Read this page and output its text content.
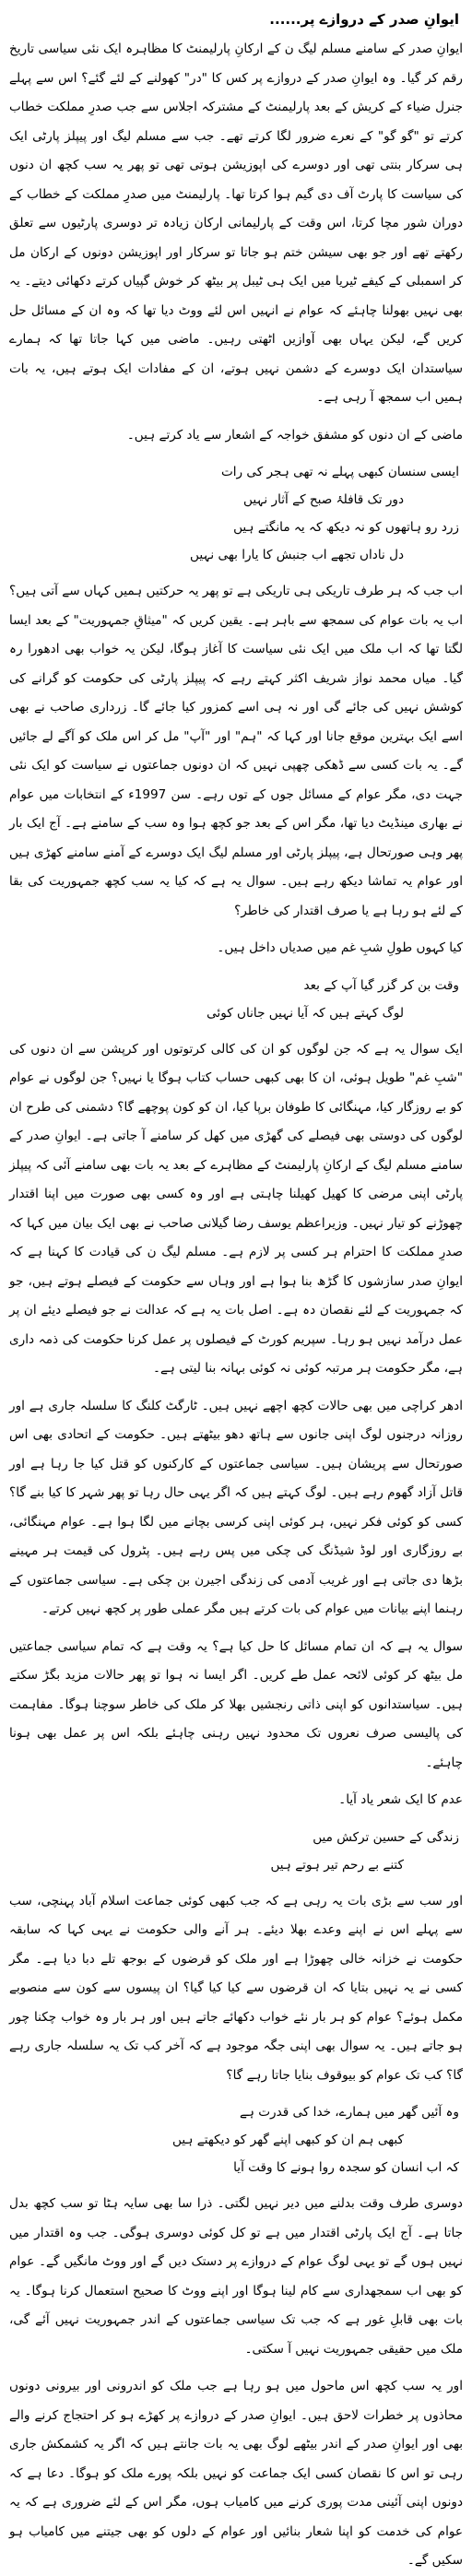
ایوانِ صدر کے دروازے پر......

ایوانِ صدر کے سامنے مسلم لیگ ن کے ارکانِ پارلیمنٹ کا مظاہرہ ایک نئی سیاسی تاریخ رقم کر گیا۔ وہ ایوانِ صدر کے دروازے پر کس کا "در" کھولنے کے لئے گئے؟ اس سے پہلے جنرل ضیاء کے کریش کے بعد پارلیمنٹ کے مشترکہ اجلاس سے جب صدرِ مملکت خطاب کرتے تو "گو گو" کے نعرے ضرور لگا کرتے تھے۔ جب سے مسلم لیگ اور پیپلز پارٹی ایک ہی سرکار بنتی تھی اور دوسرے کی اپوزیشن ہوتی تھی تو پھر یہ سب کچھ ان دنوں کی سیاست کا پارٹ آف دی گیم ہوا کرتا تھا۔ پارلیمنٹ میں صدرِ مملکت کے خطاب کے دوران شور مچا کرتا، اس وقت کے پارلیمانی ارکان زیادہ تر دوسری پارٹیوں سے تعلق رکھتے تھے اور جو بھی سیشن ختم ہو جاتا تو سرکار اور اپوزیشن دونوں کے ارکان مل کر اسمبلی کے کیفے ٹیریا میں ایک ہی ٹیبل پر بیٹھ کر خوش گپیاں کرتے دکھائی دیتے۔ یہ بھی نہیں بھولنا چاہئے کہ عوام نے انہیں اس لئے ووٹ دیا تھا کہ وہ ان کے مسائل حل کریں گے، لیکن یہاں بھی آوازیں اٹھتی رہیں۔ ماضی میں کہا جاتا تھا کہ ہمارے سیاستدان ایک دوسرے کے دشمن نہیں ہوتے، ان کے مفادات ایک ہوتے ہیں، یہ بات ہمیں اب سمجھ آ رہی ہے۔

ماضی کے ان دنوں کو مشفق خواجہ کے اشعار سے یاد کرتے ہیں۔

ایسی سنسان کبھی پہلے نہ تھی ہجر کی رات
دور تک قافلۂ صبح کے آثار نہیں
زرد رو ہاتھوں کو نہ دیکھ کہ یہ مانگتے ہیں
دل ناداں تجھے اب جنبش کا یارا بھی نہیں

اب جب کہ ہر طرف تاریکی ہی تاریکی ہے تو پھر یہ حرکتیں ہمیں کہاں سے آتی ہیں؟ اب یہ بات عوام کی سمجھ سے باہر ہے۔ یقین کریں کہ "میثاقِ جمہوریت" کے بعد ایسا لگتا تھا کہ اب ملک میں ایک نئی سیاست کا آغاز ہوگا، لیکن یہ خواب بھی ادھورا رہ گیا۔ میاں محمد نواز شریف اکثر کہتے رہے کہ پیپلز پارٹی کی حکومت کو گرانے کی کوشش نہیں کی جائے گی اور نہ ہی اسے کمزور کیا جائے گا۔ زرداری صاحب نے بھی اسے ایک بہترین موقع جانا اور کہا کہ "ہم" اور "آپ" مل کر اس ملک کو آگے لے جائیں گے۔ یہ بات کسی سے ڈھکی چھپی نہیں کہ ان دونوں جماعتوں نے سیاست کو ایک نئی جہت دی، مگر عوام کے مسائل جوں کے توں رہے۔ سن 1997ء کے انتخابات میں عوام نے بھاری مینڈیٹ دیا تھا، مگر اس کے بعد جو کچھ ہوا وہ سب کے سامنے ہے۔ آج ایک بار پھر وہی صورتحال ہے، پیپلز پارٹی اور مسلم لیگ ایک دوسرے کے آمنے سامنے کھڑی ہیں اور عوام یہ تماشا دیکھ رہے ہیں۔ سوال یہ ہے کہ کیا یہ سب کچھ جمہوریت کی بقا کے لئے ہو رہا ہے یا صرف اقتدار کی خاطر؟

کیا کہوں طولِ شبِ غم میں صدیاں داخل ہیں۔

وقت بن کر گزر گیا آپ کے بعد
لوگ کہتے ہیں کہ آیا نہیں جاناں کوئی

ایک سوال یہ ہے کہ جن لوگوں کو ان کی کالی کرتوتوں اور کرپشن سے ان دنوں کی "شبِ غم" طویل ہوئی، ان کا بھی کبھی حساب کتاب ہوگا یا نہیں؟ جن لوگوں نے عوام کو بے روزگار کیا، مہنگائی کا طوفان برپا کیا، ان کو کون پوچھے گا؟ دشمنی کی طرح ان لوگوں کی دوستی بھی فیصلے کی گھڑی میں کھل کر سامنے آ جاتی ہے۔ ایوانِ صدر کے سامنے مسلم لیگ کے ارکانِ پارلیمنٹ کے مظاہرے کے بعد یہ بات بھی سامنے آئی کہ پیپلز پارٹی اپنی مرضی کا کھیل کھیلنا چاہتی ہے اور وہ کسی بھی صورت میں اپنا اقتدار چھوڑنے کو تیار نہیں۔ وزیراعظم یوسف رضا گیلانی صاحب نے بھی ایک بیان میں کہا کہ صدرِ مملکت کا احترام ہر کسی پر لازم ہے۔ مسلم لیگ ن کی قیادت کا کہنا ہے کہ ایوانِ صدر سازشوں کا گڑھ بنا ہوا ہے اور وہاں سے حکومت کے فیصلے ہوتے ہیں، جو کہ جمہوریت کے لئے نقصان دہ ہے۔ اصل بات یہ ہے کہ عدالت نے جو فیصلے دیئے ان پر عمل درآمد نہیں ہو رہا۔ سپریم کورٹ کے فیصلوں پر عمل کرنا حکومت کی ذمہ داری ہے، مگر حکومت ہر مرتبہ کوئی نہ کوئی بہانہ بنا لیتی ہے۔

ادھر کراچی میں بھی حالات کچھ اچھے نہیں ہیں۔ ٹارگٹ کلنگ کا سلسلہ جاری ہے اور روزانہ درجنوں لوگ اپنی جانوں سے ہاتھ دھو بیٹھتے ہیں۔ حکومت کے اتحادی بھی اس صورتحال سے پریشان ہیں۔ سیاسی جماعتوں کے کارکنوں کو قتل کیا جا رہا ہے اور قاتل آزاد گھوم رہے ہیں۔ لوگ کہتے ہیں کہ اگر یہی حال رہا تو پھر شہر کا کیا بنے گا؟ کسی کو کوئی فکر نہیں، ہر کوئی اپنی کرسی بچانے میں لگا ہوا ہے۔ عوام مہنگائی، بے روزگاری اور لوڈ شیڈنگ کی چکی میں پس رہے ہیں۔ پٹرول کی قیمت ہر مہینے بڑھا دی جاتی ہے اور غریب آدمی کی زندگی اجیرن بن چکی ہے۔ سیاسی جماعتوں کے رہنما اپنے بیانات میں عوام کی بات کرتے ہیں مگر عملی طور پر کچھ نہیں کرتے۔

سوال یہ ہے کہ ان تمام مسائل کا حل کیا ہے؟ یہ وقت ہے کہ تمام سیاسی جماعتیں مل بیٹھ کر کوئی لائحہ عمل طے کریں۔ اگر ایسا نہ ہوا تو پھر حالات مزید بگڑ سکتے ہیں۔ سیاستدانوں کو اپنی ذاتی رنجشیں بھلا کر ملک کی خاطر سوچنا ہوگا۔ مفاہمت کی پالیسی صرف نعروں تک محدود نہیں رہنی چاہئے بلکہ اس پر عمل بھی ہونا چاہئے۔

عدم کا ایک شعر یاد آیا۔

زندگی کے حسین ترکش میں
کتنے بے رحم تیر ہوتے ہیں

اور سب سے بڑی بات یہ رہی ہے کہ جب کبھی کوئی جماعت اسلام آباد پہنچی، سب سے پہلے اس نے اپنے وعدے بھلا دیئے۔ ہر آنے والی حکومت نے یہی کہا کہ سابقہ حکومت نے خزانہ خالی چھوڑا ہے اور ملک کو قرضوں کے بوجھ تلے دبا دیا ہے۔ مگر کسی نے یہ نہیں بتایا کہ ان قرضوں سے کیا کیا گیا؟ ان پیسوں سے کون سے منصوبے مکمل ہوئے؟ عوام کو ہر بار نئے خواب دکھائے جاتے ہیں اور ہر بار وہ خواب چکنا چور ہو جاتے ہیں۔ یہ سوال بھی اپنی جگہ موجود ہے کہ آخر کب تک یہ سلسلہ جاری رہے گا؟ کب تک عوام کو بیوقوف بنایا جاتا رہے گا؟

وہ آئیں گھر میں ہمارے، خدا کی قدرت ہے
کبھی ہم ان کو کبھی اپنے گھر کو دیکھتے ہیں
کہ اب انسان کو سجدہ روا ہونے کا وقت آیا

دوسری طرف وقت بدلنے میں دیر نہیں لگتی۔ ذرا سا بھی سایہ ہٹا تو سب کچھ بدل جاتا ہے۔ آج ایک پارٹی اقتدار میں ہے تو کل کوئی دوسری ہوگی۔ جب وہ اقتدار میں نہیں ہوں گے تو یہی لوگ عوام کے دروازے پر دستک دیں گے اور ووٹ مانگیں گے۔ عوام کو بھی اب سمجھداری سے کام لینا ہوگا اور اپنے ووٹ کا صحیح استعمال کرنا ہوگا۔ یہ بات بھی قابلِ غور ہے کہ جب تک سیاسی جماعتوں کے اندر جمہوریت نہیں آئے گی، ملک میں حقیقی جمہوریت نہیں آ سکتی۔

اور یہ سب کچھ اس ماحول میں ہو رہا ہے جب ملک کو اندرونی اور بیرونی دونوں محاذوں پر خطرات لاحق ہیں۔ ایوانِ صدر کے دروازے پر کھڑے ہو کر احتجاج کرنے والے بھی اور ایوانِ صدر کے اندر بیٹھے لوگ بھی یہ بات جانتے ہیں کہ اگر یہ کشمکش جاری رہی تو اس کا نقصان کسی ایک جماعت کو نہیں بلکہ پورے ملک کو ہوگا۔ دعا ہے کہ دونوں اپنی آئینی مدت پوری کرنے میں کامیاب ہوں، مگر اس کے لئے ضروری ہے کہ یہ عوام کی خدمت کو اپنا شعار بنائیں اور عوام کے دلوں کو بھی جیتنے میں کامیاب ہو سکیں گے۔
